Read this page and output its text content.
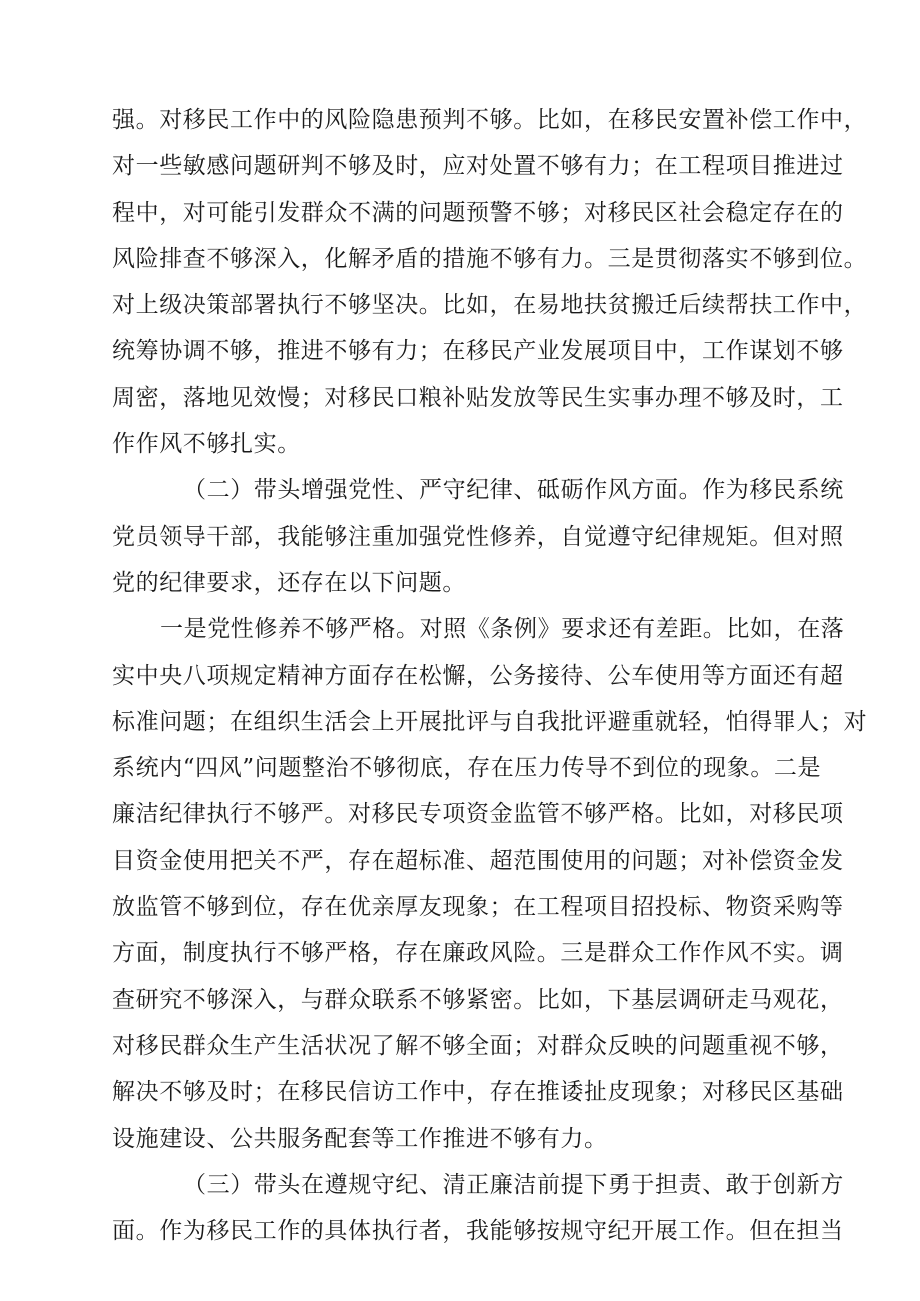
强。对移民工作中的风险隐患预判不够。比如，在移民安置补偿工作中，
对一些敏感问题研判不够及时，应对处置不够有力；在工程项目推进过
程中，对可能引发群众不满的问题预警不够；对移民区社会稳定存在的
风险排查不够深入，化解矛盾的措施不够有力。三是贯彻落实不够到位。
对上级决策部署执行不够坚决。比如，在易地扶贫搬迁后续帮扶工作中，
统筹协调不够，推进不够有力；在移民产业发展项目中，工作谋划不够
周密，落地见效慢；对移民口粮补贴发放等民生实事办理不够及时，工
作作风不够扎实。
（二）带头增强党性、严守纪律、砥砺作风方面。作为移民系统
党员领导干部，我能够注重加强党性修养，自觉遵守纪律规矩。但对照
党的纪律要求，还存在以下问题。
一是党性修养不够严格。对照《条例》要求还有差距。比如，在落
实中央八项规定精神方面存在松懈，公务接待、公车使用等方面还有超
标准问题；在组织生活会上开展批评与自我批评避重就轻，怕得罪人；对
系统内“四风”问题整治不够彻底，存在压力传导不到位的现象。二是
廉洁纪律执行不够严。对移民专项资金监管不够严格。比如，对移民项
目资金使用把关不严，存在超标准、超范围使用的问题；对补偿资金发
放监管不够到位，存在优亲厚友现象；在工程项目招投标、物资采购等
方面，制度执行不够严格，存在廉政风险。三是群众工作作风不实。调
查研究不够深入，与群众联系不够紧密。比如，下基层调研走马观花，
对移民群众生产生活状况了解不够全面；对群众反映的问题重视不够，
解决不够及时；在移民信访工作中，存在推诿扯皮现象；对移民区基础
设施建设、公共服务配套等工作推进不够有力。
（三）带头在遵规守纪、清正廉洁前提下勇于担责、敢于创新方
面。作为移民工作的具体执行者，我能够按规守纪开展工作。但在担当
